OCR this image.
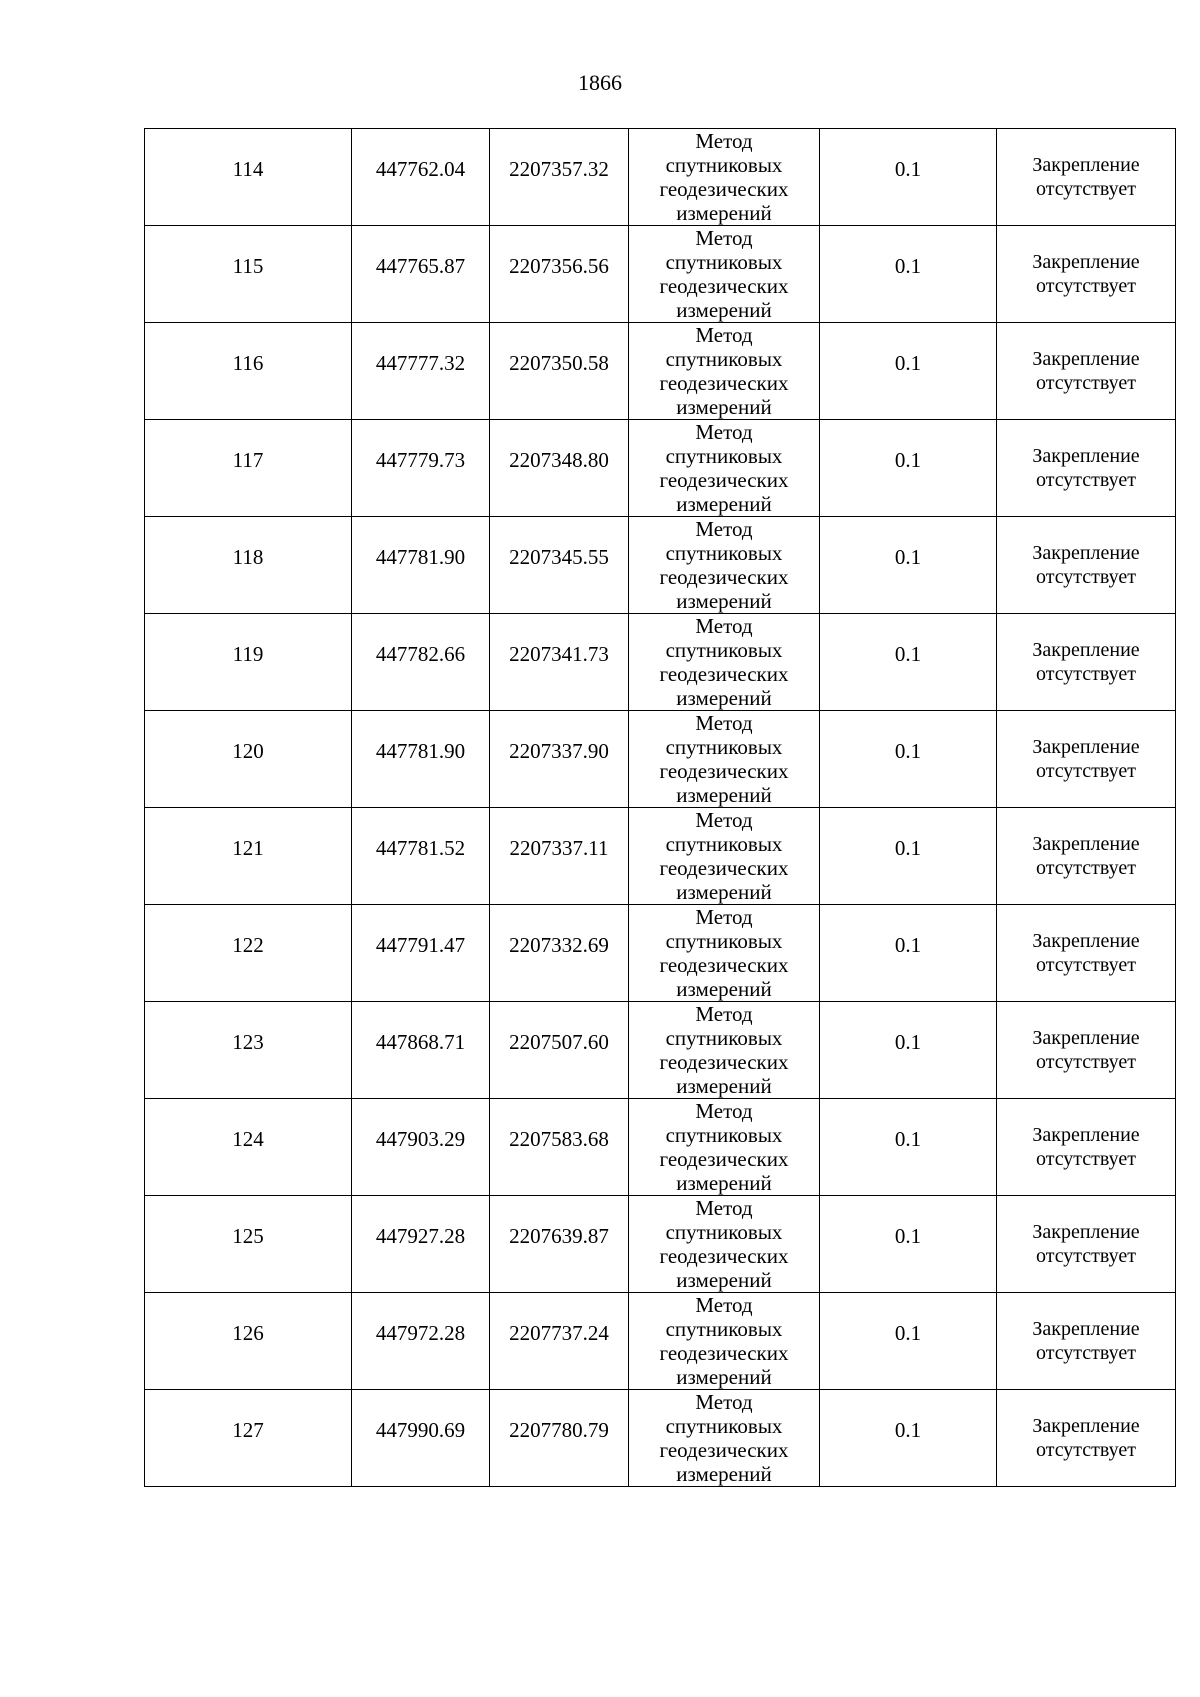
1866
114	447762.04	2207357.32	Метод
спутниковых
геодезических
измерений	0.1	Закрепление
отсутствует

115	447765.87	2207356.56	Метод
спутниковых
геодезических
измерений	0.1	Закрепление
отсутствует

116	447777.32	2207350.58	Метод
спутниковых
геодезических
измерений	0.1	Закрепление
отсутствует

117	447779.73	2207348.80	Метод
спутниковых
геодезических
измерений	0.1	Закрепление
отсутствует

118	447781.90	2207345.55	Метод
спутниковых
геодезических
измерений	0.1	Закрепление
отсутствует

119	447782.66	2207341.73	Метод
спутниковых
геодезических
измерений	0.1	Закрепление
отсутствует

120	447781.90	2207337.90	Метод
спутниковых
геодезических
измерений	0.1	Закрепление
отсутствует

121	447781.52	2207337.11	Метод
спутниковых
геодезических
измерений	0.1	Закрепление
отсутствует

122	447791.47	2207332.69	Метод
спутниковых
геодезических
измерений	0.1	Закрепление
отсутствует

123	447868.71	2207507.60	Метод
спутниковых
геодезических
измерений	0.1	Закрепление
отсутствует

124	447903.29	2207583.68	Метод
спутниковых
геодезических
измерений	0.1	Закрепление
отсутствует

125	447927.28	2207639.87	Метод
спутниковых
геодезических
измерений	0.1	Закрепление
отсутствует

126	447972.28	2207737.24	Метод
спутниковых
геодезических
измерений	0.1	Закрепление
отсутствует

127	447990.69	2207780.79	Метод
спутниковых
геодезических
измерений	0.1	Закрепление
отсутствует
